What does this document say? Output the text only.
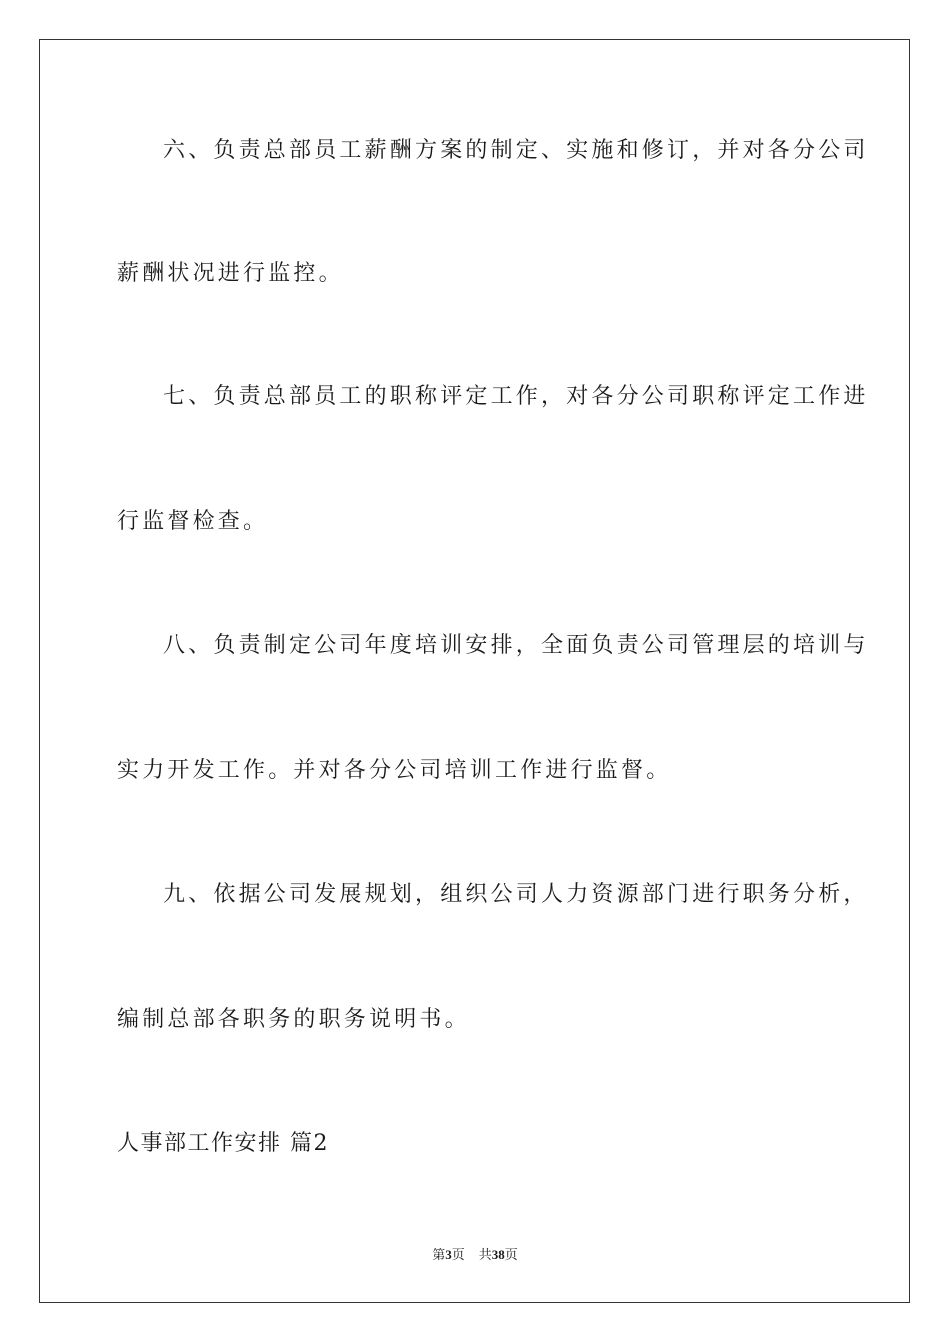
六、负责总部员工薪酬方案的制定、实施和修订，并对各分公司
薪酬状况进行监控。
七、负责总部员工的职称评定工作，对各分公司职称评定工作进
行监督检查。
八、负责制定公司年度培训安排，全面负责公司管理层的培训与
实力开发工作。并对各分公司培训工作进行监督。
九、依据公司发展规划，组织公司人力资源部门进行职务分析，
编制总部各职务的职务说明书。
人事部工作安排 篇2
第3页 共38页
